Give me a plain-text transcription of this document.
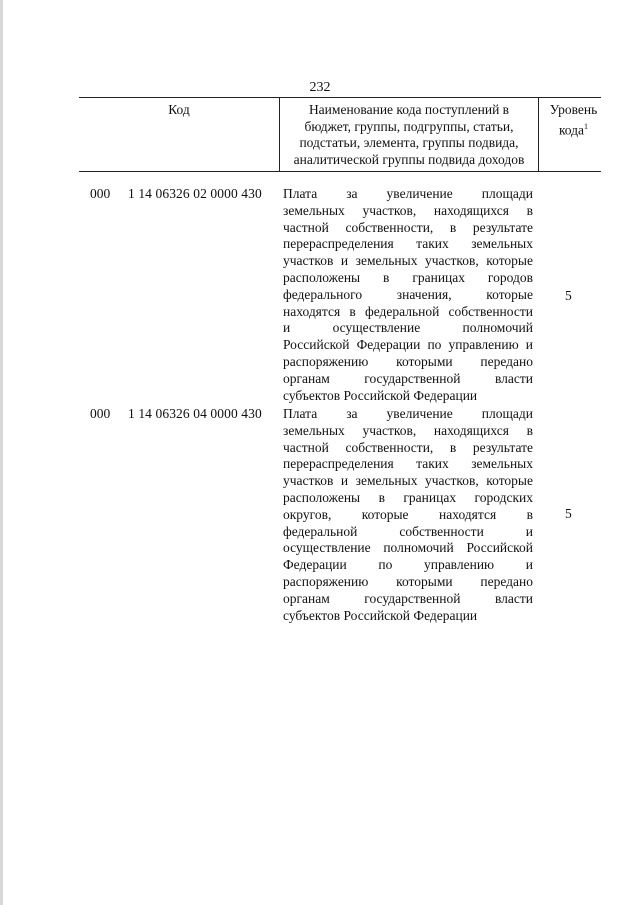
232
Код	Наименование кода поступлений в
бюджет, группы, подгруппы, статьи,
подстатьи, элемента, группы подвида,
аналитической группы подвида доходов
Уровень
кода$^1$
000 1 14 06326 02 0000 430 Плата за увеличение площади
земельных участков, находящихся в
частной собственности, в результате
перераспределения таких земельных
участков и земельных участков, которые
расположены в границах городов
федерального значения, которые
находятся в федеральной собственности
и осуществление полномочий
Российской Федерации по управлению и
распоряжению которыми передано
органам государственной власти
субъектов Российской Федерации
5
000 1 14 06326 04 0000 430 Плата за увеличение площади
земельных участков, находящихся в
частной собственности, в результате
перераспределения таких земельных
участков и земельных участков, которые
расположены в границах городских
округов, которые находятся в
федеральной собственности и
осуществление полномочий Российской
Федерации по управлению и
распоряжению которыми передано
органам государственной власти
субъектов Российской Федерации
5
